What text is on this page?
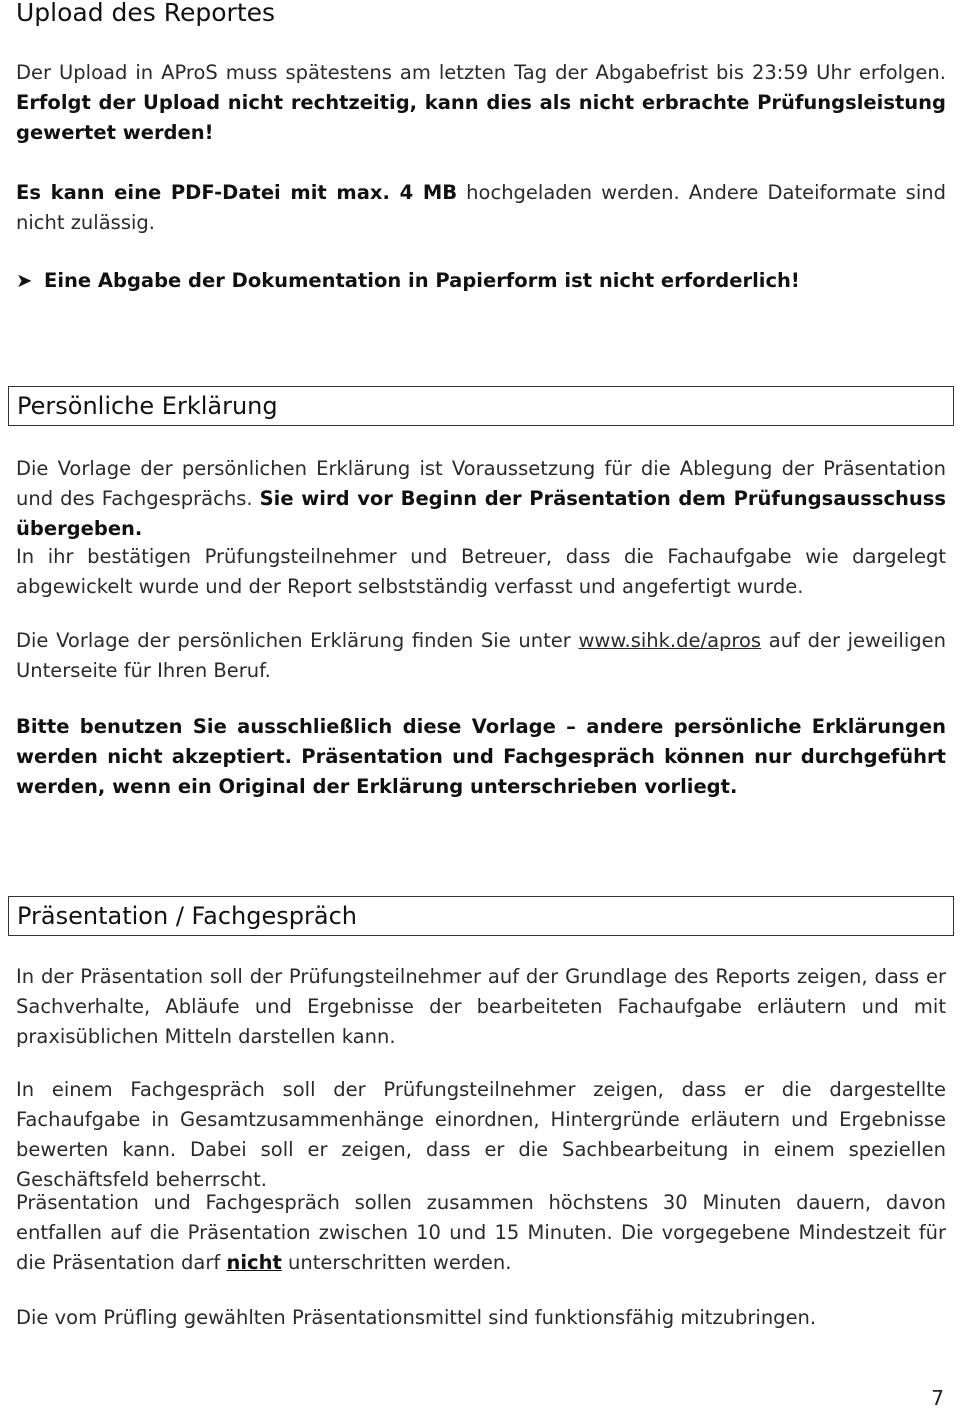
Upload des Reportes

Der Upload in AProS muss spätestens am letzten Tag der Abgabefrist bis 23:59 Uhr erfolgen. Erfolgt der Upload nicht rechtzeitig, kann dies als nicht erbrachte Prüfungsleistung gewertet werden!

Es kann eine PDF-Datei mit max. 4 MB hochgeladen werden. Andere Dateiformate sind nicht zulässig.

➤ Eine Abgabe der Dokumentation in Papierform ist nicht erforderlich!
Persönliche Erklärung

Die Vorlage der persönlichen Erklärung ist Voraussetzung für die Ablegung der Präsentation und des Fachgesprächs. Sie wird vor Beginn der Präsentation dem Prüfungsausschuss übergeben.

In ihr bestätigen Prüfungsteilnehmer und Betreuer, dass die Fachaufgabe wie dargelegt abgewickelt wurde und der Report selbstständig verfasst und angefertigt wurde.

Die Vorlage der persönlichen Erklärung finden Sie unter www.sihk.de/apros auf der jeweiligen Unterseite für Ihren Beruf.

Bitte benutzen Sie ausschließlich diese Vorlage – andere persönliche Erklärungen werden nicht akzeptiert. Präsentation und Fachgespräch können nur durchgeführt werden, wenn ein Original der Erklärung unterschrieben vorliegt.

Präsentation / Fachgespräch

In der Präsentation soll der Prüfungsteilnehmer auf der Grundlage des Reports zeigen, dass er Sachverhalte, Abläufe und Ergebnisse der bearbeiteten Fachaufgabe erläutern und mit praxisüblichen Mitteln darstellen kann.

In einem Fachgespräch soll der Prüfungsteilnehmer zeigen, dass er die dargestellte Fachaufgabe in Gesamtzusammenhänge einordnen, Hintergründe erläutern und Ergebnisse bewerten kann. Dabei soll er zeigen, dass er die Sachbearbeitung in einem speziellen Geschäftsfeld beherrscht.

Präsentation und Fachgespräch sollen zusammen höchstens 30 Minuten dauern, davon entfallen auf die Präsentation zwischen 10 und 15 Minuten. Die vorgegebene Mindestzeit für die Präsentation darf nicht unterschritten werden.

Die vom Prüfling gewählten Präsentationsmittel sind funktionsfähig mitzubringen.

7
